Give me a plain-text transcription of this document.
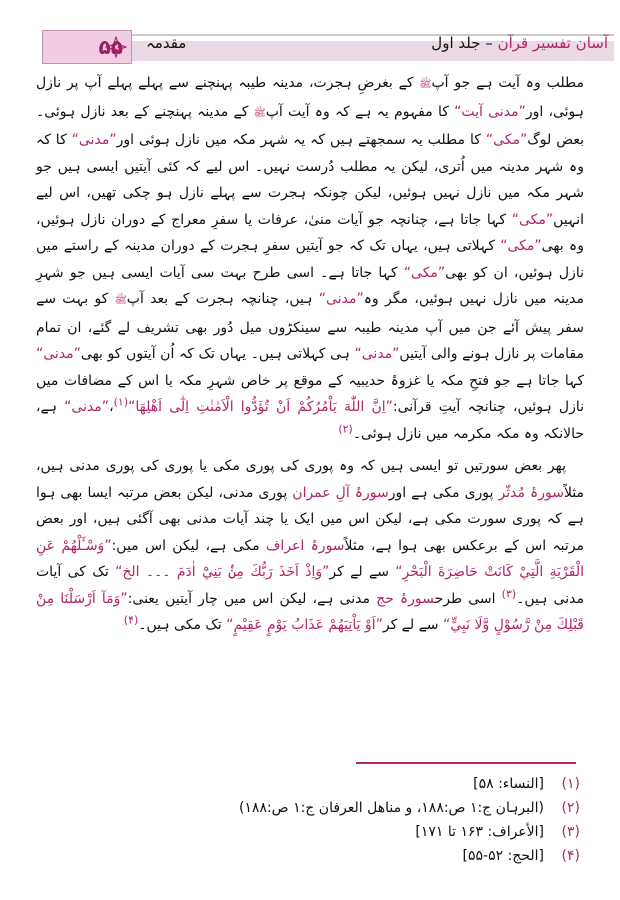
۵۵ مقدمہ	آسان تفسیر قرآن – جلد اول

مطلب وہ آیت ہے جو آپﷺ کے بغرضِ ہجرت، مدینہ طیبہ پہنچنے سے پہلے پہلے آپ پر نازل ہوئی، اور”مدنی آیت“ کا مفہوم یہ ہے کہ وہ آیت آپﷺ کے مدینہ پہنچنے کے بعد نازل ہوئی۔ بعض لوگ”مکی“ کا مطلب یہ سمجھتے ہیں کہ یہ شہر مکہ میں نازل ہوئی اور”مدنی“ کا کہ وہ شہر مدینہ میں اُتری، لیکن یہ مطلب دُرست نہیں۔ اس لیے کہ کئی آیتیں ایسی ہیں جو شہر مکہ میں نازل نہیں ہوئیں، لیکن چونکہ ہجرت سے پہلے نازل ہو چکی تھیں، اس لیے انہیں”مکی“ کہا جاتا ہے، چنانچہ جو آیات منیٰ، عرفات یا سفرِ معراج کے دوران نازل ہوئیں، وہ بھی”مکی“ کہلاتی ہیں، یہاں تک کہ جو آیتیں سفرِ ہجرت کے دوران مدینہ کے راستے میں نازل ہوئیں، ان کو بھی”مکی“ کہا جاتا ہے۔ اسی طرح بہت سی آیات ایسی ہیں جو شہرِ مدینہ میں نازل نہیں ہوئیں، مگر وہ”مدنی“ ہیں، چنانچہ ہجرت کے بعد آپﷺ کو بہت سے سفر پیش آئے جن میں آپ مدینہ طیبہ سے سینکڑوں میل دُور بھی تشریف لے گئے، ان تمام مقامات پر نازل ہونے والی آیتیں”مدنی“ ہی کہلاتی ہیں۔ یہاں تک کہ اُن آیتوں کو بھی”مدنی“ کہا جاتا ہے جو فتحِ مکہ یا غزوۂ حدیبیہ کے موقع پر خاص شہرِ مکہ یا اس کے مضافات میں نازل ہوئیں، چنانچہ آیتِ قرآنی:”اِنَّ اللّٰهَ يَاْمُرُكُمْ اَنْ تُؤَدُّوا الْاَمٰنٰتِ اِلٰٓى اَهْلِهَا“$^{(۱)}$،”مدنی“ ہے، حالانکہ وہ مکہ مکرمہ میں نازل ہوئی۔$^{(۲)}$

پھر بعض سورتیں تو ایسی ہیں کہ وہ پوری کی پوری مکی یا پوری کی پوری مدنی ہیں، مثلاًسورۂ مُدثّر پوری مکی ہے اورسورۂ آلِ عمران پوری مدنی، لیکن بعض مرتبہ ایسا بھی ہوا ہے کہ پوری سورت مکی ہے، لیکن اس میں ایک یا چند آیات مدنی بھی آگئی ہیں، اور بعض مرتبہ اس کے برعکس بھی ہوا ہے، مثلاًسورۂ اعراف مکی ہے، لیکن اس میں:”وَسْـَٔلْهُمْ عَنِ الْقَرْيَةِ الَّتِيْ كَانَتْ حَاضِرَةَ الْبَحْرِ“ سے لے کر”وَاِذْ اَخَذَ رَبُّكَ مِنْۢ بَنِيْٓ اٰدَمَ ۔۔۔ الخ“ تک کی آیات مدنی ہیں۔$^{(۳)}$ اسی طرحسورۂ حج مدنی ہے، لیکن اس میں چار آیتیں یعنی:”وَمَآ اَرْسَلْنَا مِنْ قَبْلِكَ مِنْ رَّسُوْلٍ وَّلَا نَبِيٍّ“ سے لے کر”اَوْ يَاْتِيَهُمْ عَذَابُ يَوْمٍ عَقِيْمٍ“ تک مکی ہیں۔$^{(۴)}$

(۱)
[النساء: ۵۸]
(۲)
(البرہان ج:۱ ص:۱۸۸، و مناهل العرفان ج:۱ ص:۱۸۸)
(۳)
[الأعراف: ۱۶۳ تا ۱۷۱]
(۴)
[الحج: ۵۲-۵۵]
